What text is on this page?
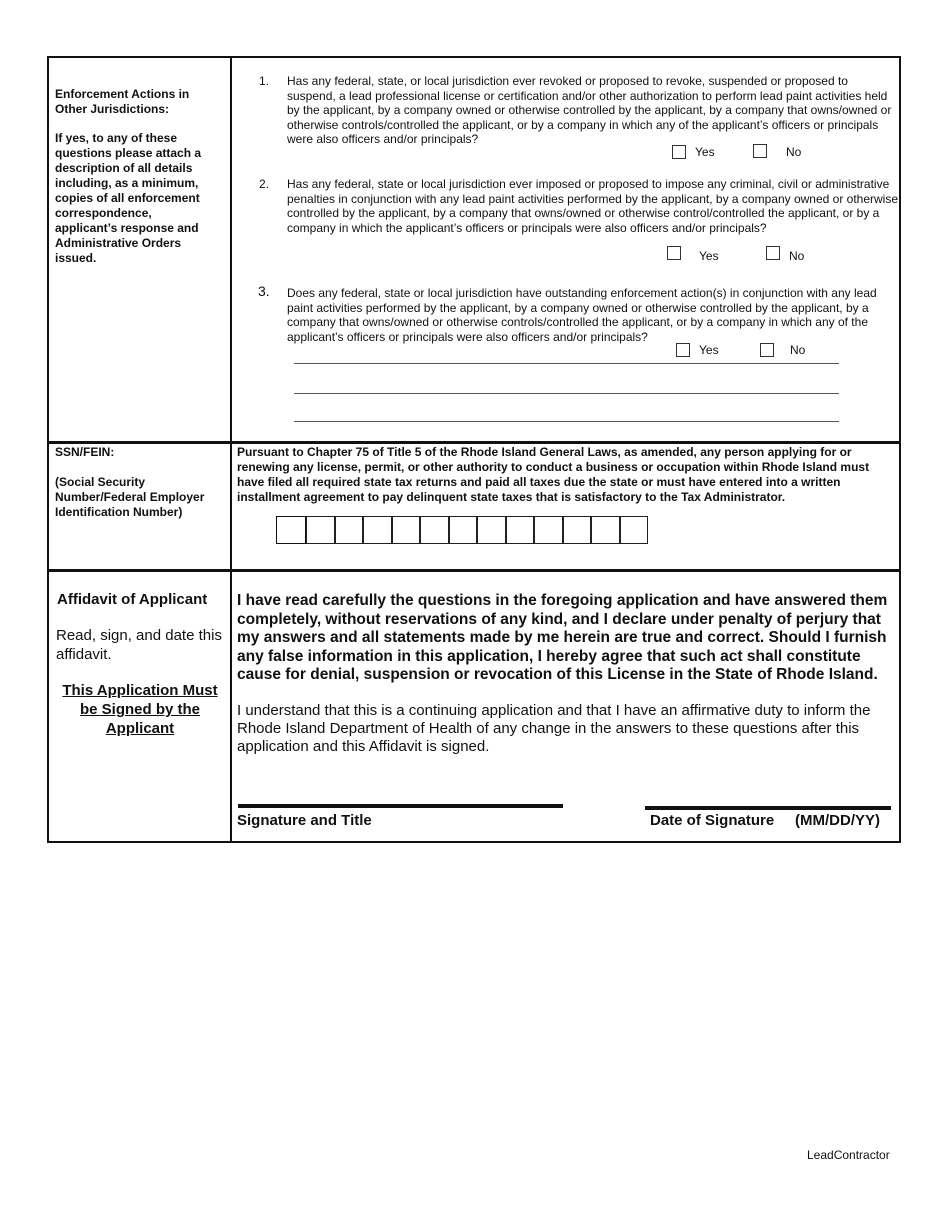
Enforcement Actions in Other Jurisdictions:
If yes, to any of these questions please attach a description of all details including, as a minimum, copies of all enforcement correspondence, applicant’s response and Administrative Orders issued.
1. Has any federal, state, or local jurisdiction ever revoked or proposed to revoke, suspended or proposed to suspend, a lead professional license or certification and/or other authorization to perform lead paint activities held by the applicant, by a company owned or otherwise controlled by the applicant, by a company that owns/owned or otherwise controls/controlled the applicant, or by a company in which any of the applicant’s officers or principals were also officers and/or principals?
Yes	No
2. Has any federal, state or local jurisdiction ever imposed or proposed to impose any criminal, civil or administrative penalties in conjunction with any lead paint activities performed by the applicant, by a company owned or otherwise controlled by the applicant, by a company that owns/owned or otherwise control/controlled the applicant, or by a company in which the applicant’s officers or principals were also officers and/or principals?
Yes	No
3. Does any federal, state or local jurisdiction have outstanding enforcement action(s) in conjunction with any lead paint activities performed by the applicant, by a company owned or otherwise controlled by the applicant, by a company that owns/owned or otherwise controls/controlled the applicant, or by a company in which any of the applicant’s officers or principals were also officers and/or principals?
Yes	No
SSN/FEIN:
(Social Security Number/Federal Employer Identification Number)
Pursuant to Chapter 75 of Title 5 of the Rhode Island General Laws, as amended, any person applying for or renewing any license, permit, or other authority to conduct a business or occupation within Rhode Island must have filed all required state tax returns and paid all taxes due the state or must have entered into a written installment agreement to pay delinquent state taxes that is satisfactory to the Tax Administrator.
Affidavit of Applicant
Read, sign, and date this affidavit.
This Application Must be Signed by the Applicant
I have read carefully the questions in the foregoing application and have answered them completely, without reservations of any kind, and I declare under penalty of perjury that my answers and all statements made by me herein are true and correct. Should I furnish any false information in this application, I hereby agree that such act shall constitute cause for denial, suspension or revocation of this License in the State of Rhode Island.
I understand that this is a continuing application and that I have an affirmative duty to inform the Rhode Island Department of Health of any change in the answers to these questions after this application and this Affidavit is signed.
Signature and Title	Date of Signature     (MM/DD/YY)
LeadContractor
